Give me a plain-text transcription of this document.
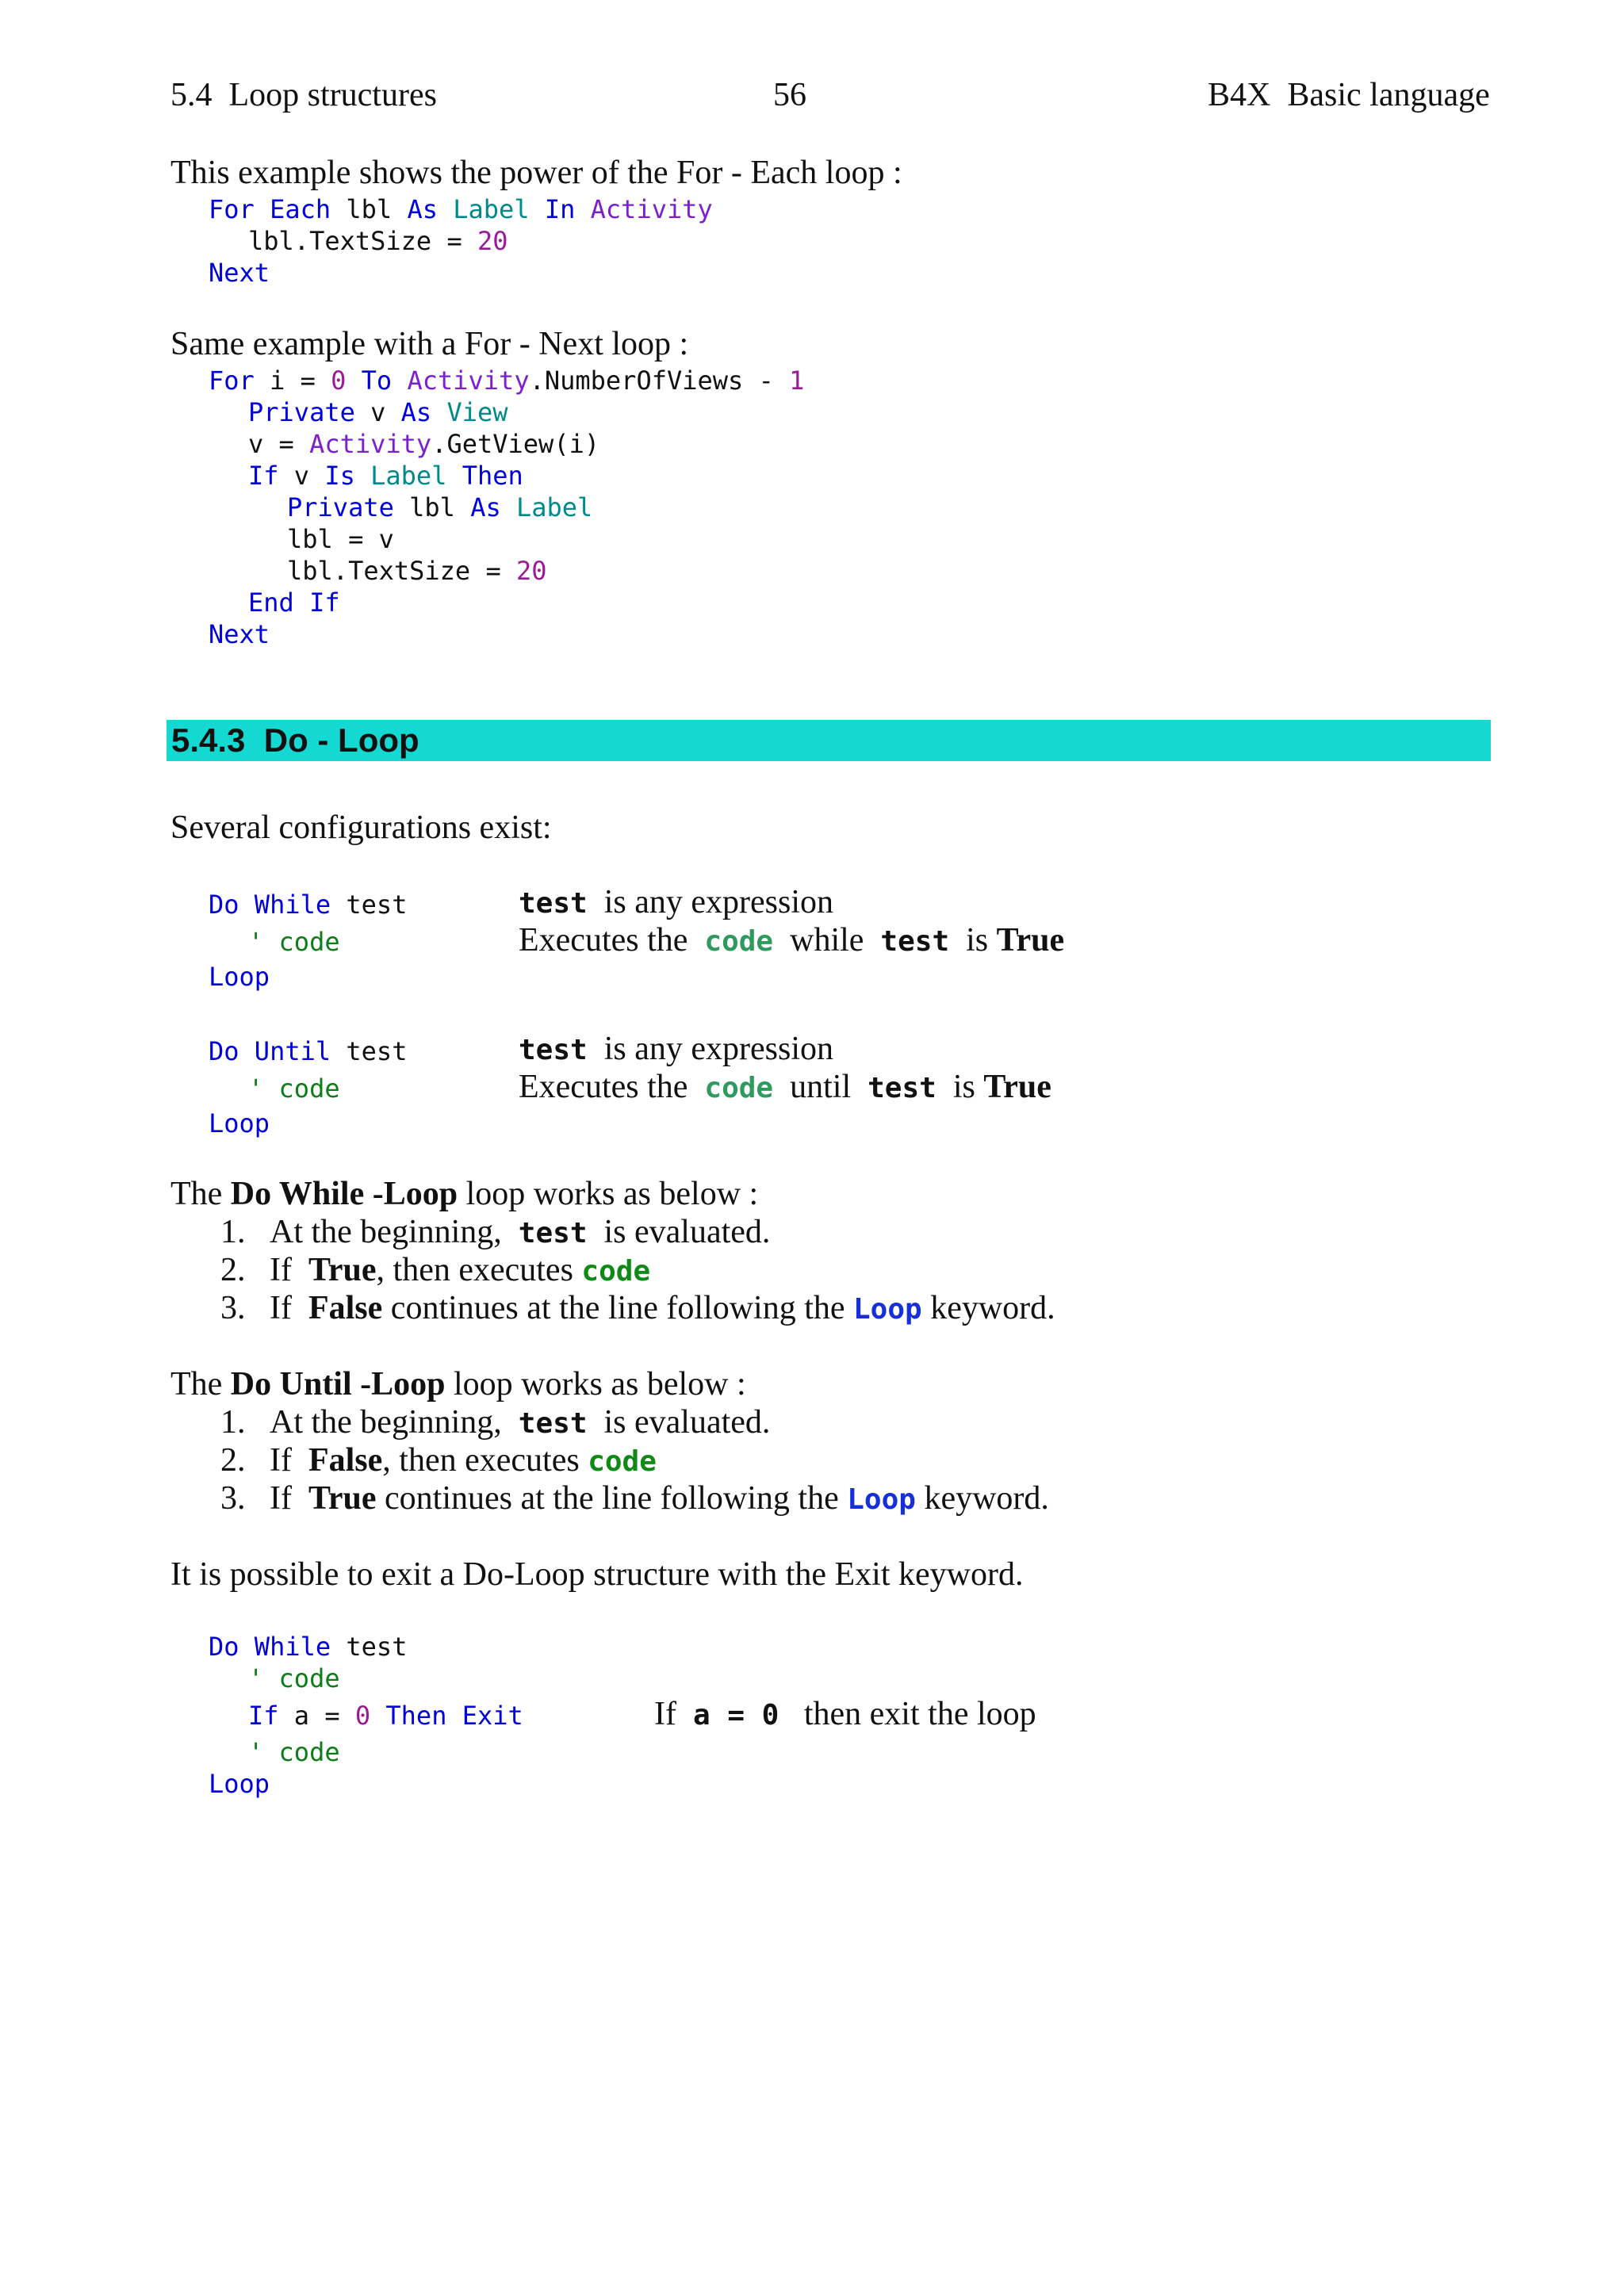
5.4  Loop structures	56	B4X  Basic language
This example shows the power of the For - Each loop :
For Each lbl As Label In Activity
lbl.TextSize = 20
Next
Same example with a For - Next loop :
For i = 0 To Activity.NumberOfViews - 1
Private v As View
v = Activity.GetView(i)
If v Is Label Then
Private lbl As Label
lbl = v
lbl.TextSize = 20
End If
Next
5.4.3  Do - Loop
Several configurations exist:
Do While test
' code
Loop
test  is any expression
Executes the  code  while  test  is True
Do Until test
' code
Loop
test  is any expression
Executes the  code  until  test  is True
The Do While -Loop loop works as below :
1. At the beginning,  test  is evaluated.
2. If  True, then executes code
3. If  False continues at the line following the Loop keyword.
The Do Until -Loop loop works as below :
1. At the beginning,  test  is evaluated.
2. If  False, then executes code
3. If  True continues at the line following the Loop keyword.
It is possible to exit a Do-Loop structure with the Exit keyword.
Do While test
' code
If a = 0 Then Exit
' code
Loop
If  a = 0   then exit the loop
